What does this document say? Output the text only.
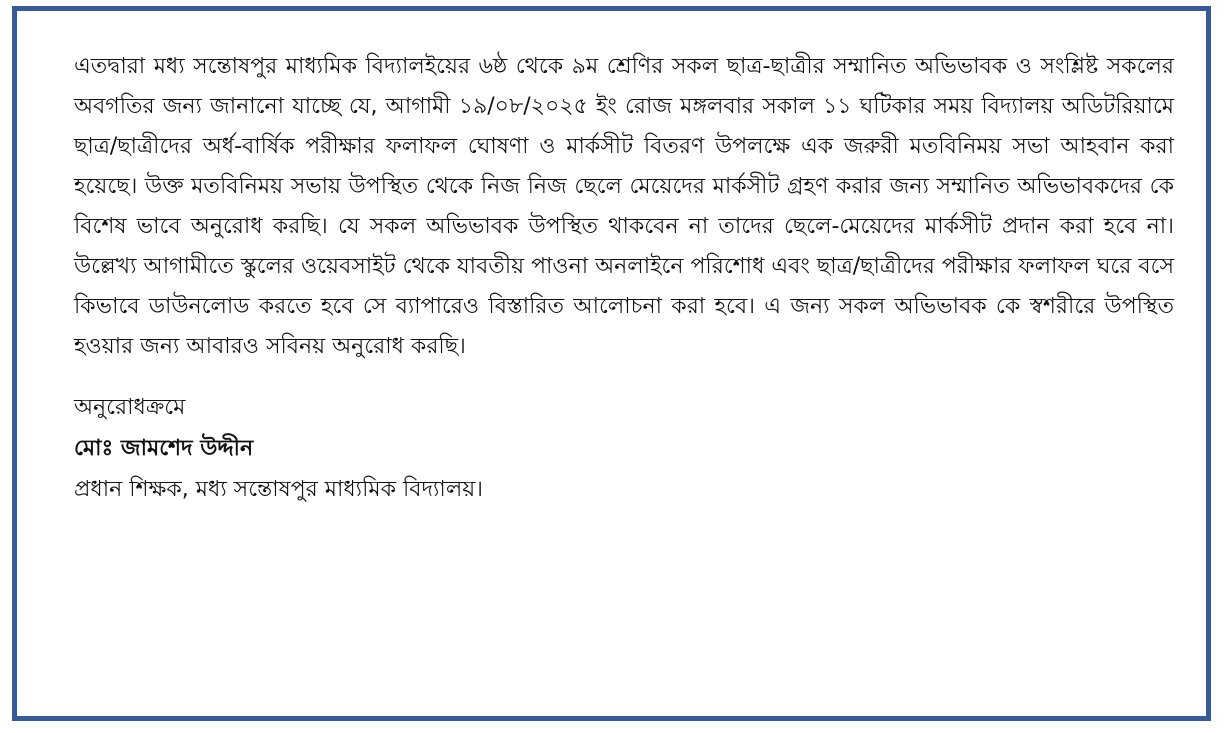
এতদ্বারা মধ্য সন্তোষপুর মাধ্যমিক বিদ্যালইয়ের ৬ষ্ঠ থেকে ৯ম শ্রেণির সকল ছাত্র-ছাত্রীর সম্মানিত অভিভাবক ও সংশ্লিষ্ট সকলের অবগতির জন্য জানানো যাচ্ছে যে, আগামী ১৯/০৮/২০২৫ ইং রোজ মঙ্গলবার সকাল ১১ ঘটিকার সময় বিদ্যালয় অডিটরিয়ামে ছাত্র/ছাত্রীদের অর্ধ-বার্ষিক পরীক্ষার ফলাফল ঘোষণা ও মার্কসীট বিতরণ উপলক্ষে এক জরুরী মতবিনিময় সভা আহবান করা হয়েছে। উক্ত মতবিনিময় সভায় উপস্থিত থেকে নিজ নিজ ছেলে মেয়েদের মার্কসীট গ্রহণ করার জন্য সম্মানিত অভিভাবকদের কে বিশেষ ভাবে অনুরোধ করছি। যে সকল অভিভাবক উপস্থিত থাকবেন না তাদের ছেলে-মেয়েদের মার্কসীট প্রদান করা হবে না। উল্লেখ্য আগামীতে স্কুলের ওয়েবসাইট থেকে যাবতীয় পাওনা অনলাইনে পরিশোধ এবং ছাত্র/ছাত্রীদের পরীক্ষার ফলাফল ঘরে বসে কিভাবে ডাউনলোড করতে হবে সে ব্যাপারেও বিস্তারিত আলোচনা করা হবে। এ জন্য সকল অভিভাবক কে স্বশরীরে উপস্থিত হওয়ার জন্য আবারও সবিনয় অনুরোধ করছি।

অনুরোধক্রমে
মোঃ জামশেদ উদ্দীন
প্রধান শিক্ষক, মধ্য সন্তোষপুর মাধ্যমিক বিদ্যালয়।
